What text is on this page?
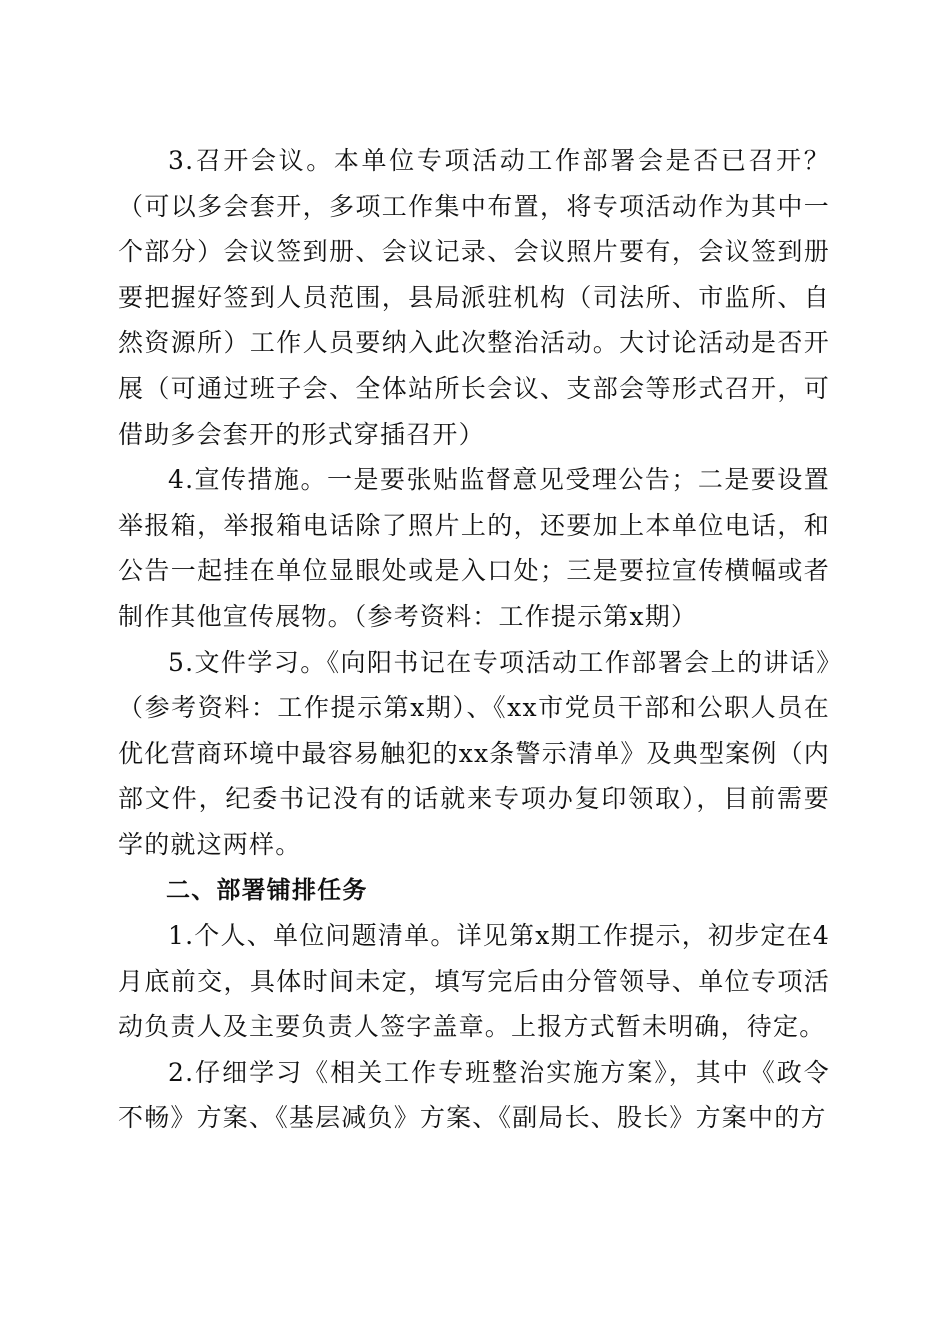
3.召开会议。本单位专项活动工作部署会是否已召开？（可以多会套开，多项工作集中布置，将专项活动作为其中一个部分）会议签到册、会议记录、会议照片要有，会议签到册要把握好签到人员范围，县局派驻机构（司法所、市监所、自然资源所）工作人员要纳入此次整治活动。大讨论活动是否开展（可通过班子会、全体站所长会议、支部会等形式召开，可借助多会套开的形式穿插召开）

4.宣传措施。一是要张贴监督意见受理公告；二是要设置举报箱，举报箱电话除了照片上的，还要加上本单位电话，和公告一起挂在单位显眼处或是入口处；三是要拉宣传横幅或者制作其他宣传展物。（参考资料：工作提示第x期）

5.文件学习。《向阳书记在专项活动工作部署会上的讲话》（参考资料：工作提示第x期）、《xx市党员干部和公职人员在优化营商环境中最容易触犯的xx条警示清单》及典型案例（内部文件，纪委书记没有的话就来专项办复印领取），目前需要学的就这两样。

二、部署铺排任务

1.个人、单位问题清单。详见第x期工作提示，初步定在4月底前交，具体时间未定，填写完后由分管领导、单位专项活动负责人及主要负责人签字盖章。上报方式暂未明确，待定。

2.仔细学习《相关工作专班整治实施方案》，其中《政令不畅》方案、《基层减负》方案、《副局长、股长》方案中的方
